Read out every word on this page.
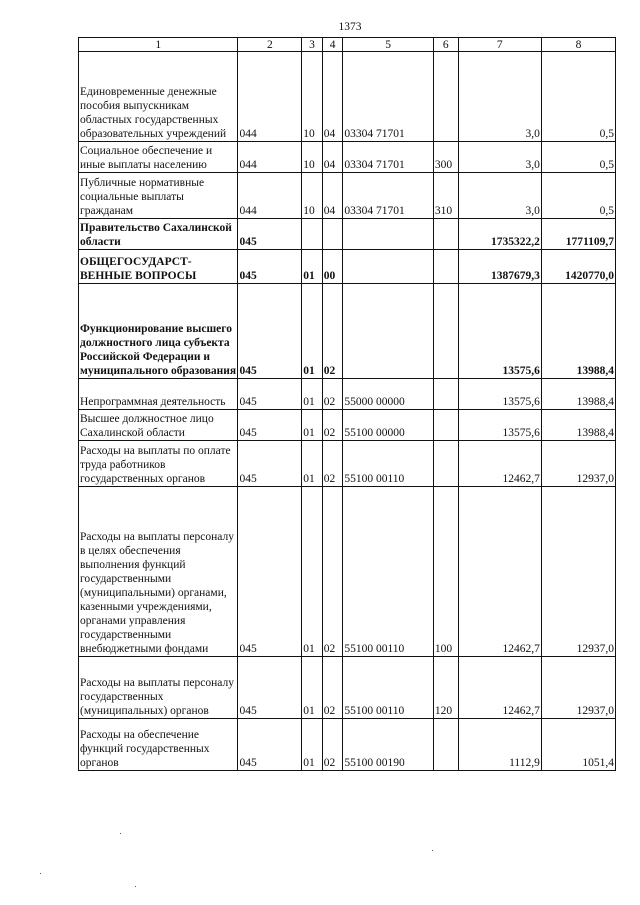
1373
1	2	3	4	5	6	7	8
Единовременные денежные пособия выпускникам областных государственных образовательных учреждений	044	10	04	03304 71701		3,0	0,5
Социальное обеспечение и иные выплаты населению	044	10	04	03304 71701	300	3,0	0,5
Публичные нормативные социальные выплаты гражданам	044	10	04	03304 71701	310	3,0	0,5
Правительство Сахалинской области	045					1735322,2	1771109,7
ОБЩЕГОСУДАРСТ-ВЕННЫЕ ВОПРОСЫ	045	01	00			1387679,3	1420770,0
Функционирование высшего должностного лица субъекта Российской Федерации и муниципального образования	045	01	02			13575,6	13988,4
Непрограммная деятельность	045	01	02	55000 00000		13575,6	13988,4
Высшее должностное лицо Сахалинской области	045	01	02	55100 00000		13575,6	13988,4
Расходы на выплаты по оплате труда работников государственных органов	045	01	02	55100 00110		12462,7	12937,0
Расходы на выплаты персоналу в целях обеспечения выполнения функций государственными (муниципальными) органами, казенными учреждениями, органами управления государственными внебюджетными фондами	045	01	02	55100 00110	100	12462,7	12937,0
Расходы на выплаты персоналу государственных (муниципальных) органов	045	01	02	55100 00110	120	12462,7	12937,0
Расходы на обеспечение функций государственных органов	045	01	02	55100 00190		1112,9	1051,4
